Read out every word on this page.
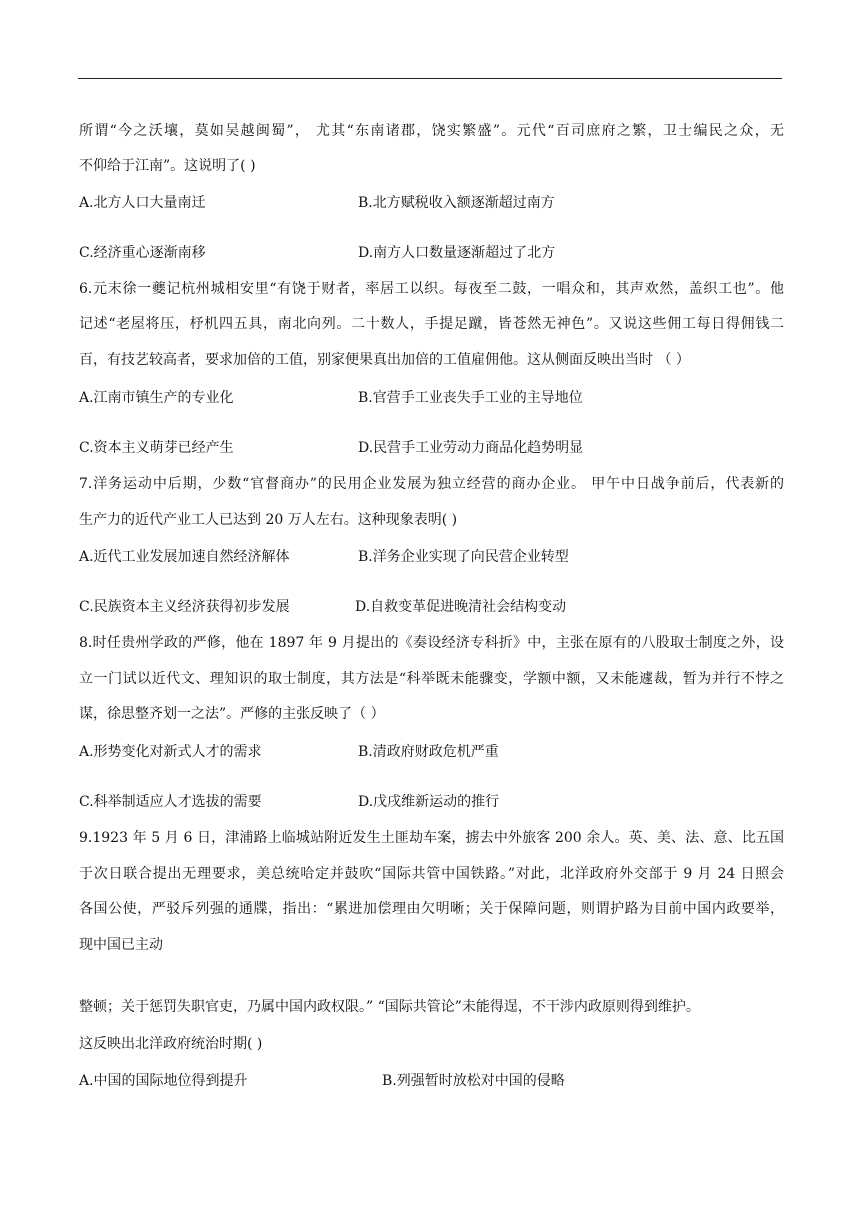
所谓“今之沃壤，莫如吴越闽蜀”， 尤其“东南诸郡，饶实繁盛”。元代“百司庶府之繁，卫士编民之众，无
不仰给于江南”。这说明了( )
A.北方人口大量南迁	B.北方赋税收入额逐渐超过南方
C.经济重心逐渐南移	D.南方人口数量逐渐超过了北方
6.元末徐一夔记杭州城相安里“有饶于财者，率居工以织。每夜至二鼓，一唱众和，其声欢然，盖织工也”。他
记述“老屋将压，杼机四五具，南北向列。二十数人，手提足蹴，皆苍然无神色”。又说这些佣工每日得佣钱二
百，有技艺较高者，要求加倍的工值，别家便果真出加倍的工值雇佣他。这从侧面反映出当时 （ ）
A.江南市镇生产的专业化	B.官营手工业丧失手工业的主导地位
C.资本主义萌芽已经产生	D.民营手工业劳动力商品化趋势明显
7.洋务运动中后期，少数“官督商办”的民用企业发展为独立经营的商办企业。 甲午中日战争前后，代表新的
生产力的近代产业工人已达到 20 万人左右。这种现象表明( )
A.近代工业发展加速自然经济解体	B.洋务企业实现了向民营企业转型
C.民族资本主义经济获得初步发展	D.自救变革促进晚清社会结构变动
8.时任贵州学政的严修，他在 1897 年 9 月提出的《奏设经济专科折》中，主张在原有的八股取士制度之外，设
立一门试以近代文、理知识的取士制度，其方法是“科举既未能骤变，学额中额，又未能遽裁，暂为并行不悖之
谋，徐思整齐划一之法”。严修的主张反映了（ ）
A.形势变化对新式人才的需求	B.清政府财政危机严重
C.科举制适应人才选拔的需要	D.戊戌维新运动的推行
9.1923 年 5 月 6 日，津浦路上临城站附近发生土匪劫车案，掳去中外旅客 200 余人。英、美、法、意、比五国
于次日联合提出无理要求，美总统哈定并鼓吹“国际共管中国铁路。”对此，北洋政府外交部于 9 月 24 日照会
各国公使，严驳斥列强的通牒，指出：“累进加偿理由欠明晰；关于保障问题，则谓护路为目前中国内政要举，
现中国已主动
整顿；关于惩罚失职官吏，乃属中国内政权限。” “国际共管论”未能得逞，不干涉内政原则得到维护。
这反映出北洋政府统治时期( )
A.中国的国际地位得到提升	B.列强暂时放松对中国的侵略
